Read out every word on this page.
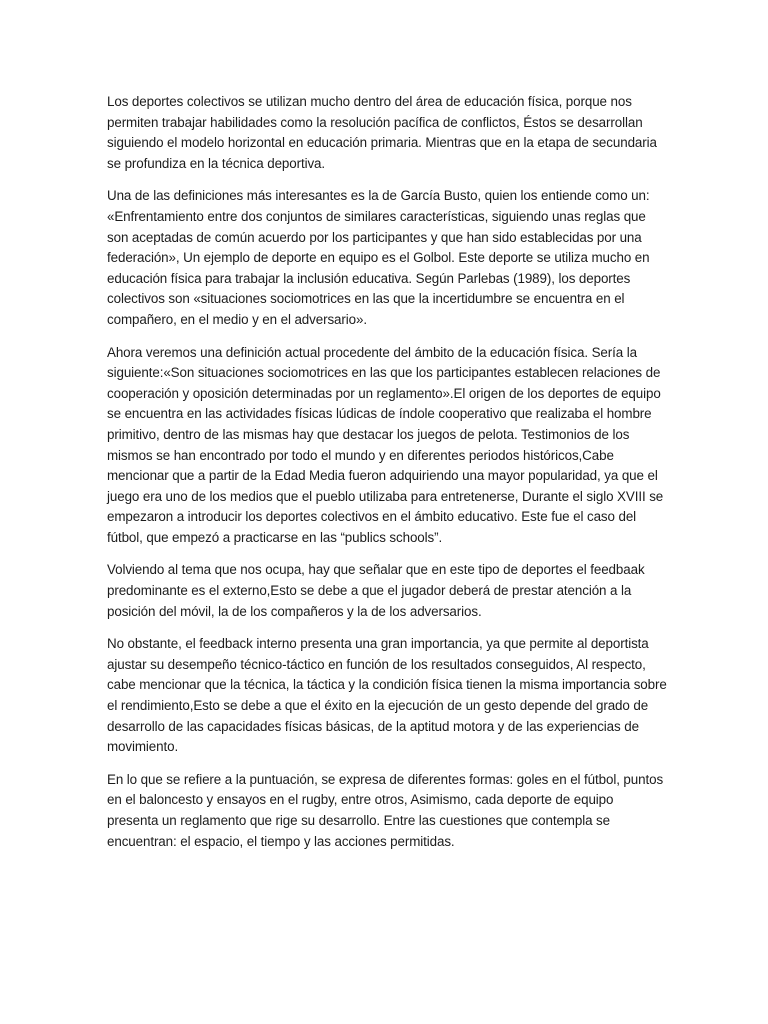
Los deportes colectivos se utilizan mucho dentro del área de educación física, porque nos permiten trabajar habilidades como la resolución pacífica de conflictos, Éstos se desarrollan siguiendo el modelo horizontal en educación primaria. Mientras que en la etapa de secundaria se profundiza en la técnica deportiva.

Una de las definiciones más interesantes es la de García Busto, quien los entiende como un: «Enfrentamiento entre dos conjuntos de similares características, siguiendo unas reglas que son aceptadas de común acuerdo por los participantes y que han sido establecidas por una federación», Un ejemplo de deporte en equipo es el Golbol. Este deporte se utiliza mucho en educación física para trabajar la inclusión educativa. Según Parlebas (1989), los deportes colectivos son «situaciones sociomotrices en las que la incertidumbre se encuentra en el compañero, en el medio y en el adversario».

Ahora veremos una definición actual procedente del ámbito de la educación física. Sería la siguiente:«Son situaciones sociomotrices en las que los participantes establecen relaciones de cooperación y oposición determinadas por un reglamento».El origen de los deportes de equipo se encuentra en las actividades físicas lúdicas de índole cooperativo que realizaba el hombre primitivo, dentro de las mismas hay que destacar los juegos de pelota. Testimonios de los mismos se han encontrado por todo el mundo y en diferentes periodos históricos,Cabe mencionar que a partir de la Edad Media fueron adquiriendo una mayor popularidad, ya que el juego era uno de los medios que el pueblo utilizaba para entretenerse, Durante el siglo XVIII se empezaron a introducir los deportes colectivos en el ámbito educativo. Este fue el caso del fútbol, que empezó a practicarse en las “publics schools”.

Volviendo al tema que nos ocupa, hay que señalar que en este tipo de deportes el feedbaak predominante es el externo,Esto se debe a que el jugador deberá de prestar atención a la posición del móvil, la de los compañeros y la de los adversarios.

No obstante, el feedback interno presenta una gran importancia, ya que permite al deportista ajustar su desempeño técnico-táctico en función de los resultados conseguidos, Al respecto, cabe mencionar que la técnica, la táctica y la condición física tienen la misma importancia sobre el rendimiento,Esto se debe a que el éxito en la ejecución de un gesto depende del grado de desarrollo de las capacidades físicas básicas, de la aptitud motora y de las experiencias de movimiento.

En lo que se refiere a la puntuación, se expresa de diferentes formas: goles en el fútbol, puntos en el baloncesto y ensayos en el rugby, entre otros, Asimismo, cada deporte de equipo presenta un reglamento que rige su desarrollo. Entre las cuestiones que contempla se encuentran: el espacio, el tiempo y las acciones permitidas.
